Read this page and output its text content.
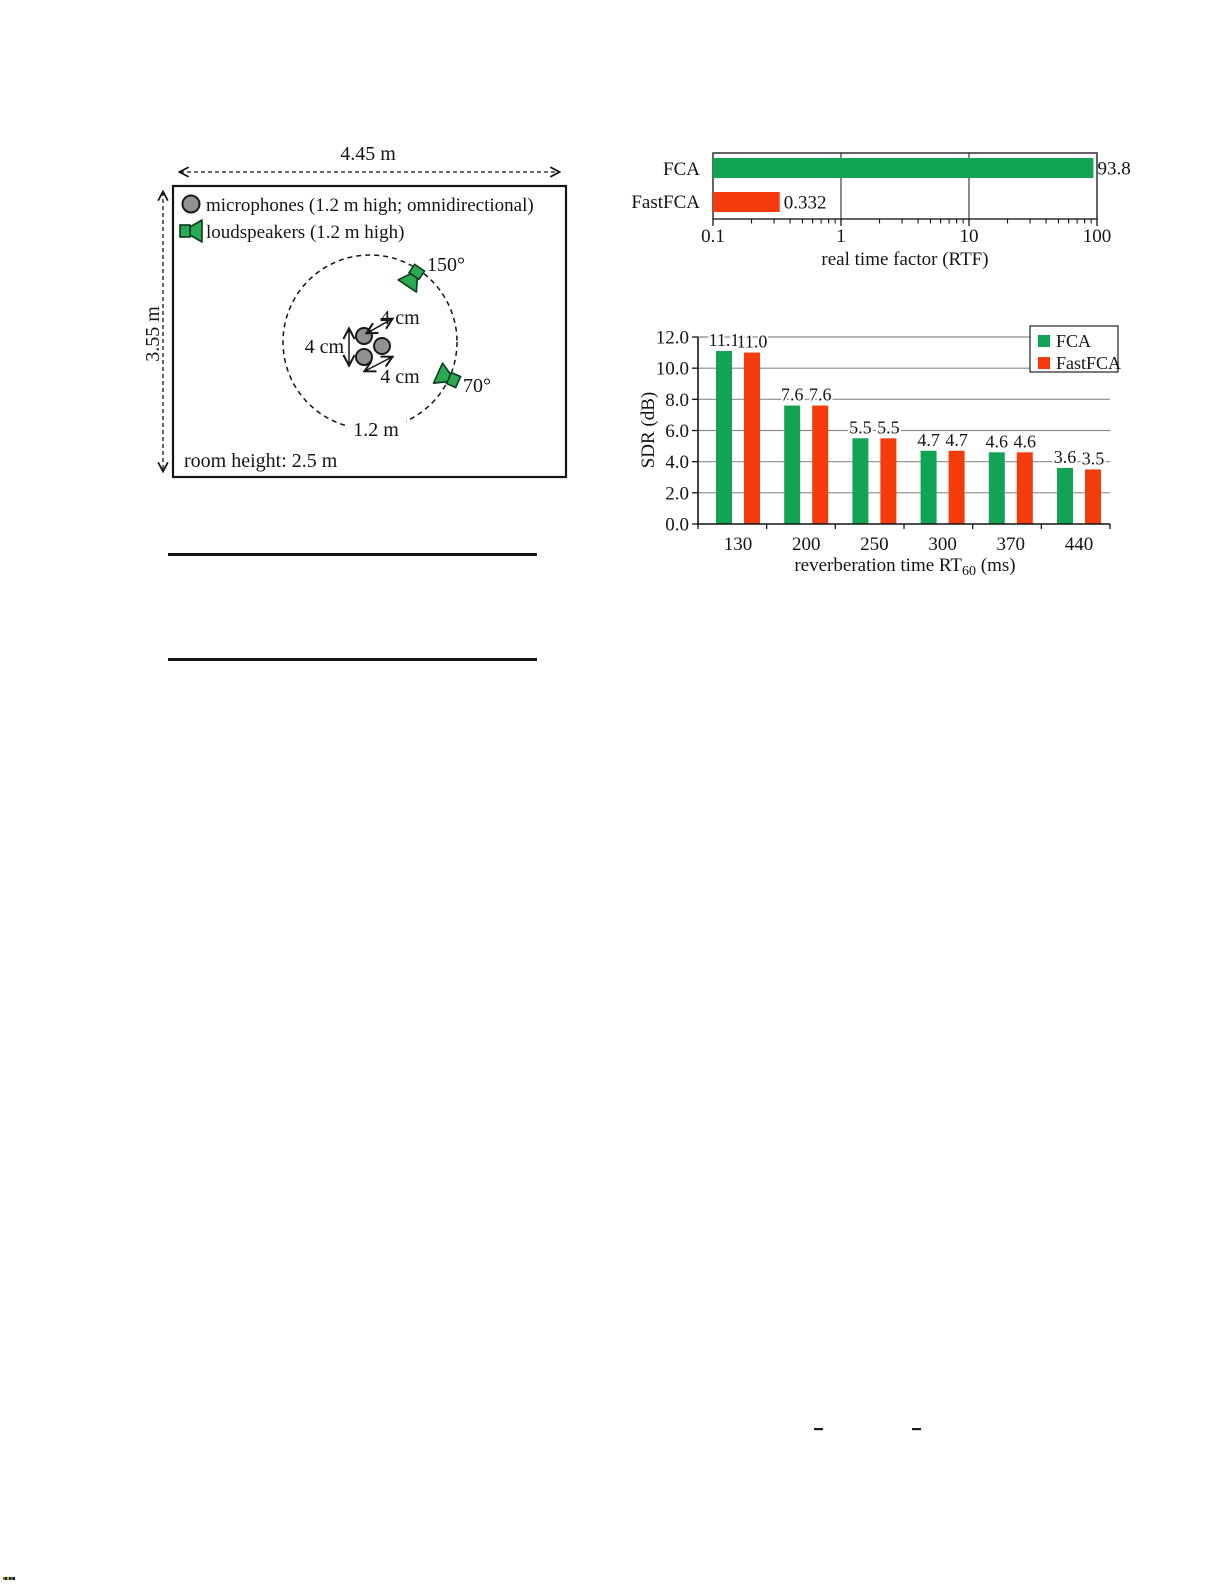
4.45 m
3.55 m
microphones (1.2 m high; omnidirectional)
loudspeakers (1.2 m high)
150°
70°
4 cm
4 cm
4 cm
1.2 m
room height: 2.5 m
93.8
0.332
FCA
FastFCA
0.1	1	10	100
real time factor (RTF)
11.1
11.0
7.6 7.6
5.5 5.5
4.7 4.7 4.6 4.6
3.6 3.5
0.0
2.0
4.0
6.0
8.0
10.0
12.0
130 200 250 300 370 440
SDR (dB)
reverberation time $RT_{60}$ (ms)
FCA
FastFCA
